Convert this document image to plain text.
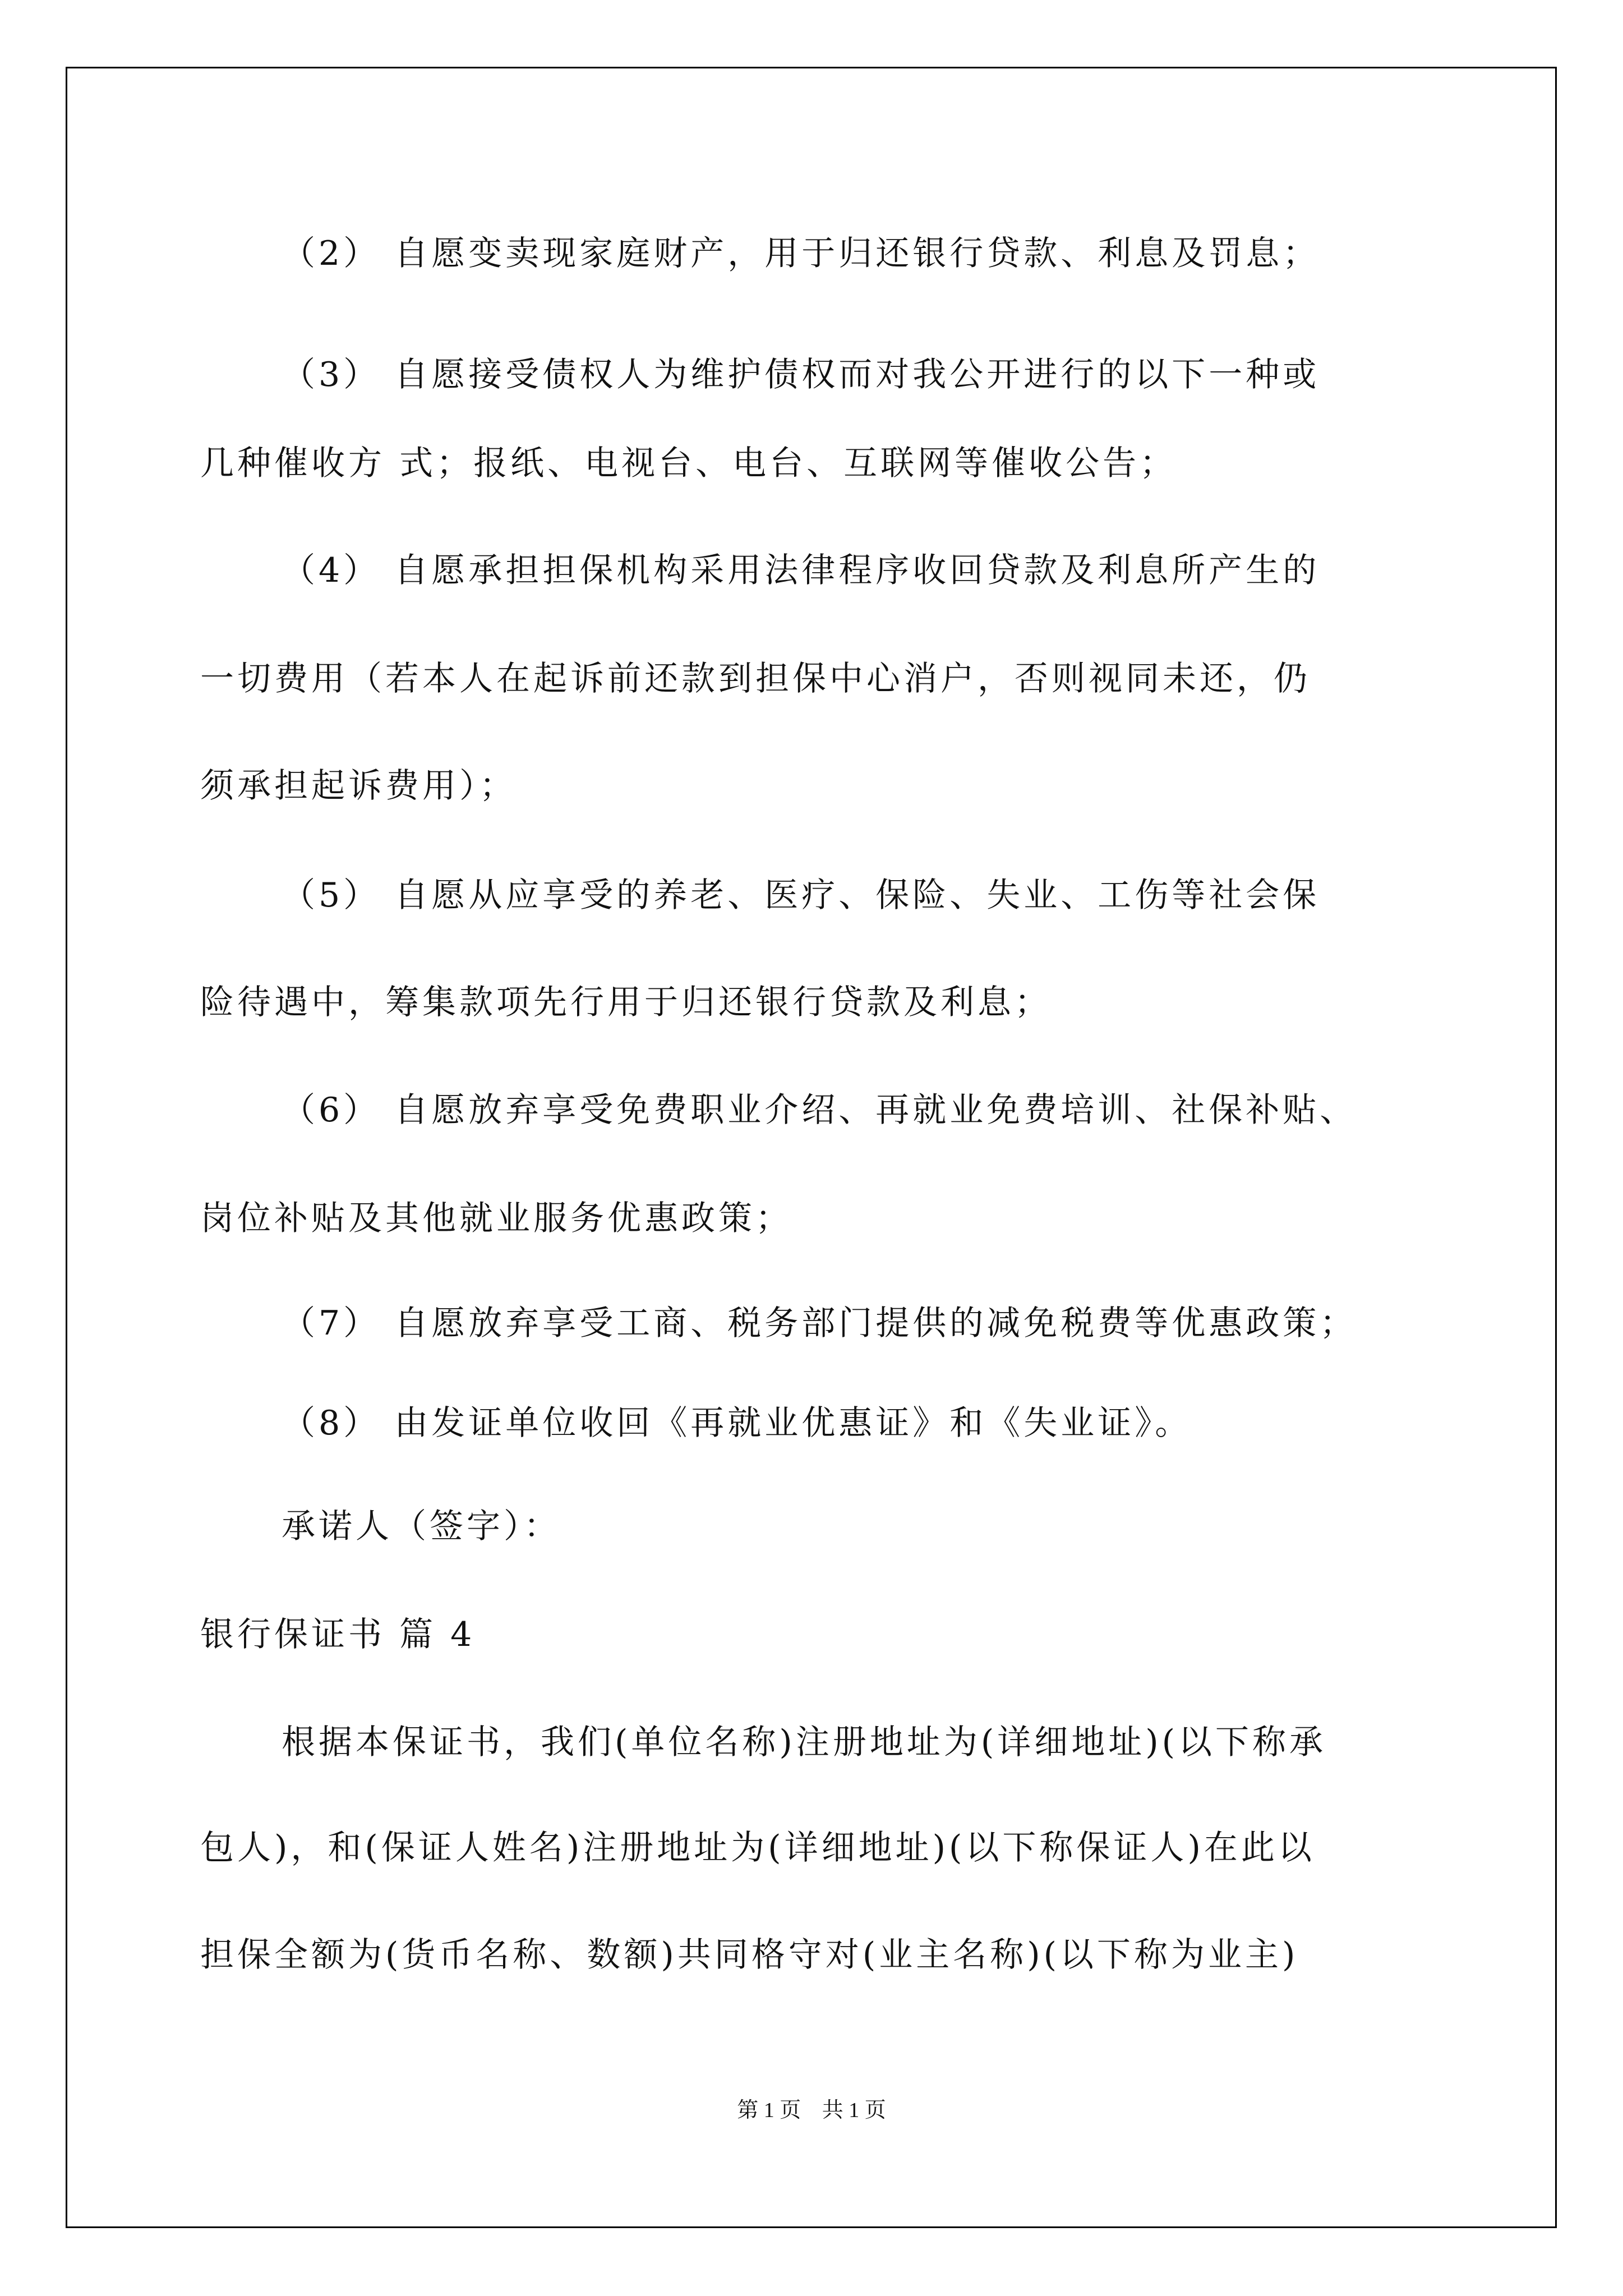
（2） 自愿变卖现家庭财产，用于归还银行贷款、利息及罚息；
（3） 自愿接受债权人为维护债权而对我公开进行的以下一种或
几种催收方 式；报纸、电视台、电台、互联网等催收公告；
（4） 自愿承担担保机构采用法律程序收回贷款及利息所产生的
一切费用（若本人在起诉前还款到担保中心消户，否则视同未还，仍
须承担起诉费用）；
（5） 自愿从应享受的养老、医疗、保险、失业、工伤等社会保
险待遇中，筹集款项先行用于归还银行贷款及利息；
（6） 自愿放弃享受免费职业介绍、再就业免费培训、社保补贴、
岗位补贴及其他就业服务优惠政策；
（7） 自愿放弃享受工商、税务部门提供的减免税费等优惠政策；
（8） 由发证单位收回《再就业优惠证》和《失业证》。
承诺人（签字）：
银行保证书 篇 4
根据本保证书，我们(单位名称)注册地址为(详细地址)(以下称承
包人)，和(保证人姓名)注册地址为(详细地址)(以下称保证人)在此以
担保全额为(货币名称、数额)共同格守对(业主名称)(以下称为业主)
第 1 页 共 1 页
